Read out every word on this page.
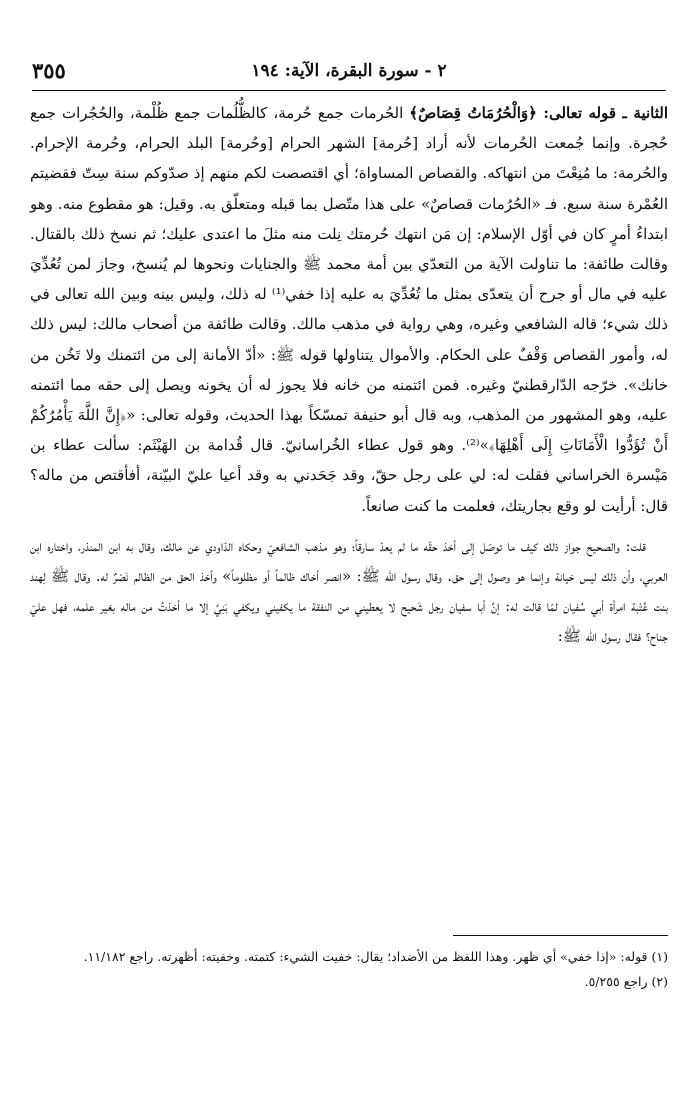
٣٥٥	٢ - سورة البقرة، الآية: ١٩٤

الثانية ـ قوله تعالى: ﴿وَالْحُرُمَاتُ قِصَاصٌ﴾ الحُرمات جمع حُرمة، كالظُّلُمات جمع ظُلْمة، والحُجُرات جمع حُجرة. وإنما جُمعت الحُرمات لأنه أراد [حُرمة] الشهر الحرام [وحُرمة] البلد الحرام، وحُرمة الإحرام. والحُرمة: ما مُنِعْتَ من انتهاكه. والقصاص المساواة؛ أي اقتصصت لكم منهم إذ صدّوكم سنة سِتّ فقضيتم العُمْرة سنة سبع. فـ «الحُرُمات قصاصٌ» على هذا متّصل بما قبله ومتعلّق به. وقيل: هو مقطوع منه. وهو ابتداءُ أمرٍ كان في أوّل الإسلام: إن مَن انتهك حُرمتك نِلت منه مثلَ ما اعتدى عليك؛ ثم نسخ ذلك بالقتال. وقالت طائفة: ما تناولت الآية من التعدّي بين أمة محمد ﷺ والجنايات ونحوها لم يُنسخ، وجاز لمن تُعُدِّيَ عليه في مال أو جرح أن يتعدّى بمثل ما تُعُدِّيَ به عليه إذا خفي⁽¹⁾ له ذلك، وليس بينه وبين الله تعالى في ذلك شيء؛ قاله الشافعي وغيره، وهي رواية في مذهب مالك. وقالت طائفة من أصحاب مالك: ليس ذلك له، وأمور القصاص وَقْفٌ على الحكام. والأموال يتناولها قوله ﷺ: «أدّ الأمانة إلى من ائتمنك ولا تَخُن من خانك». خرّجه الدّارقطنيّ وغيره. فمن ائتمنه من خانه فلا يجوز له أن يخونه ويصل إلى حقه مما ائتمنه عليه، وهو المشهور من المذهب، وبه قال أبو حنيفة تمسّكاً بهذا الحديث، وقوله تعالى: «﴿إِنَّ اللَّهَ يَأْمُرُكُمْ أَنْ تُؤَدُّوا الْأَمَانَاتِ إِلَى أَهْلِهَا﴾»⁽²⁾. وهو قول عطاء الخُراسانيّ. قال قُدامة بن الهَيْثَم: سألت عطاء بن مَيْسرة الخراساني فقلت له: لي على رجل حقّ، وقد جَحَدني به وقد أعيا عليّ البيّنة، أفأقتص من ماله؟ قال: أرأيت لو وقع بجاريتك، فعلمت ما كنت صانعاً.

قلت: والصحيح جواز ذلك كيف ما توصّل إلى أخذ حقّه ما لم يعدّ سارقاً؛ وهو مذهب الشافعيّ وحكاه الدّاودي عن مالك، وقال به ابن المنذر، واختاره ابن العربي، وأن ذلك ليس خيانة وإنما هو وصول إلى حق. وقال رسول الله ﷺ: «انصر أخاك ظالماً أو مظلوماً» وأخذ الحق من الظالم نَصْرٌ له. وقال ﷺ لِهند بنت عُتْبة امرأة أبي سُفيان لمّا قالت له: إنَّ أبا سفيان رجل شَحيح لا يعطيني من النفقة ما يكفيني ويكفي بَنِيَّ إلا ما أخذتُ من ماله بغير علمه، فهل عليّ جناح؟ فقال رسول الله ﷺ:

(١) قوله: «إذا خفي» أي ظهر. وهذا اللفظ من الأضداد؛ يقال: خفيت الشيء: كتمته. وخفيته: أظهرته. راجع ١١/١٨٢.

(٢) راجع ٥/٢٥٥.
